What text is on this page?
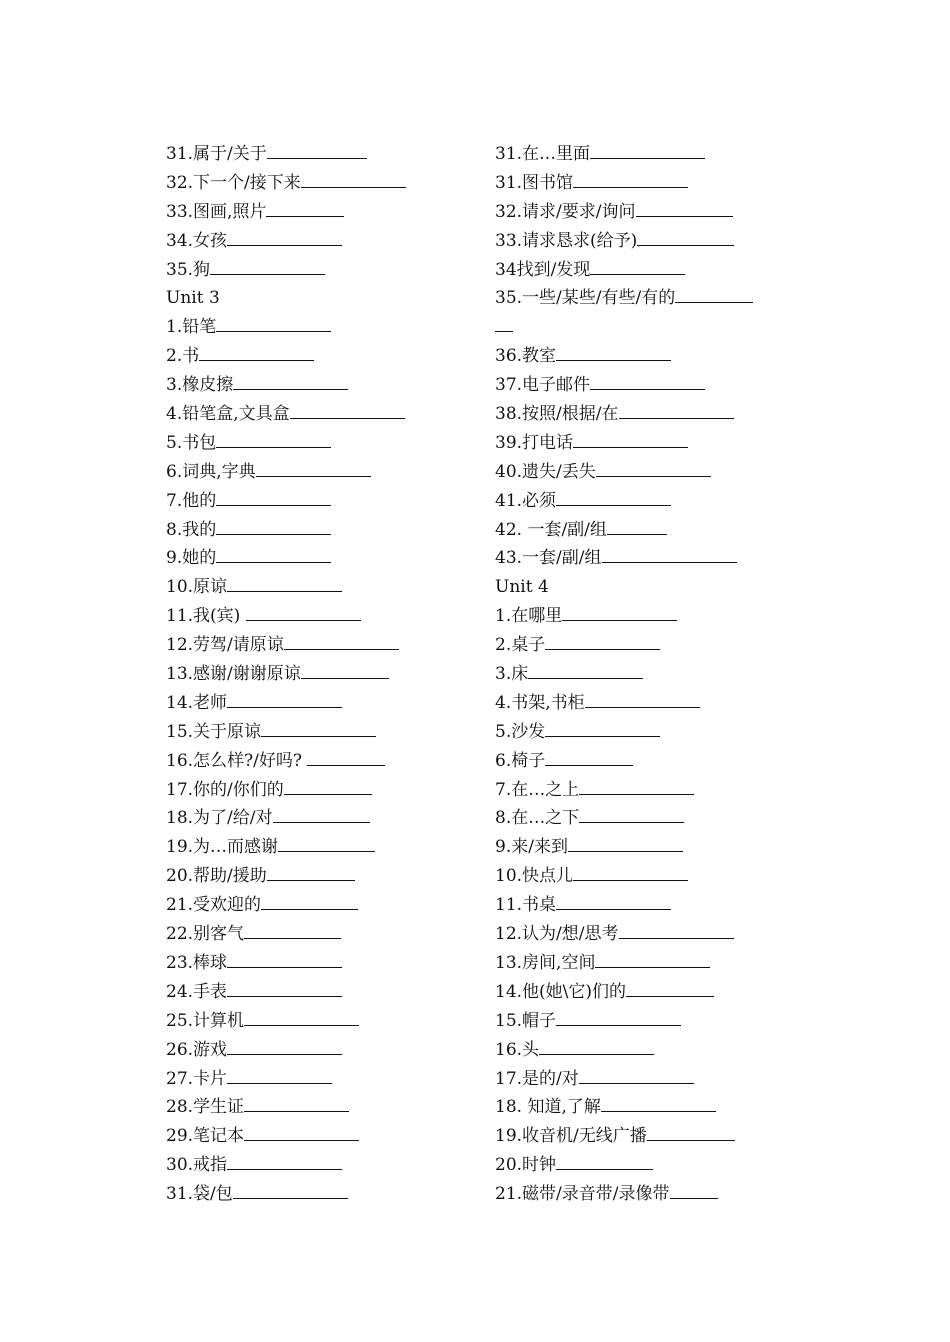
31.属于/关于
32.下一个/接下来
33.图画,照片
34.女孩
35.狗
Unit 3
1.铅笔
2.书
3.橡皮擦
4.铅笔盒,文具盒
5.书包
6.词典,字典
7.他的
8.我的
9.她的
10.原谅
11.我(宾)
12.劳驾/请原谅
13.感谢/谢谢原谅
14.老师
15.关于原谅
16.怎么样?/好吗?
17.你的/你们的
18.为了/给/对
19.为…而感谢
20.帮助/援助
21.受欢迎的
22.别客气
23.棒球
24.手表
25.计算机
26.游戏
27.卡片
28.学生证
29.笔记本
30.戒指
31.袋/包
31.在…里面
31.图书馆
32.请求/要求/询问
33.请求恳求(给予)
34找到/发现
35.一些/某些/有些/有的
36.教室
37.电子邮件
38.按照/根据/在
39.打电话
40.遗失/丢失
41.必须
42. 一套/副/组
43.一套/副/组
Unit 4
1.在哪里
2.桌子
3.床
4.书架,书柜
5.沙发
6.椅子
7.在…之上
8.在…之下
9.来/来到
10.快点儿
11.书桌
12.认为/想/思考
13.房间,空间
14.他(她\它)们的
15.帽子
16.头
17.是的/对
18. 知道,了解
19.收音机/无线广播
20.时钟
21.磁带/录音带/录像带
